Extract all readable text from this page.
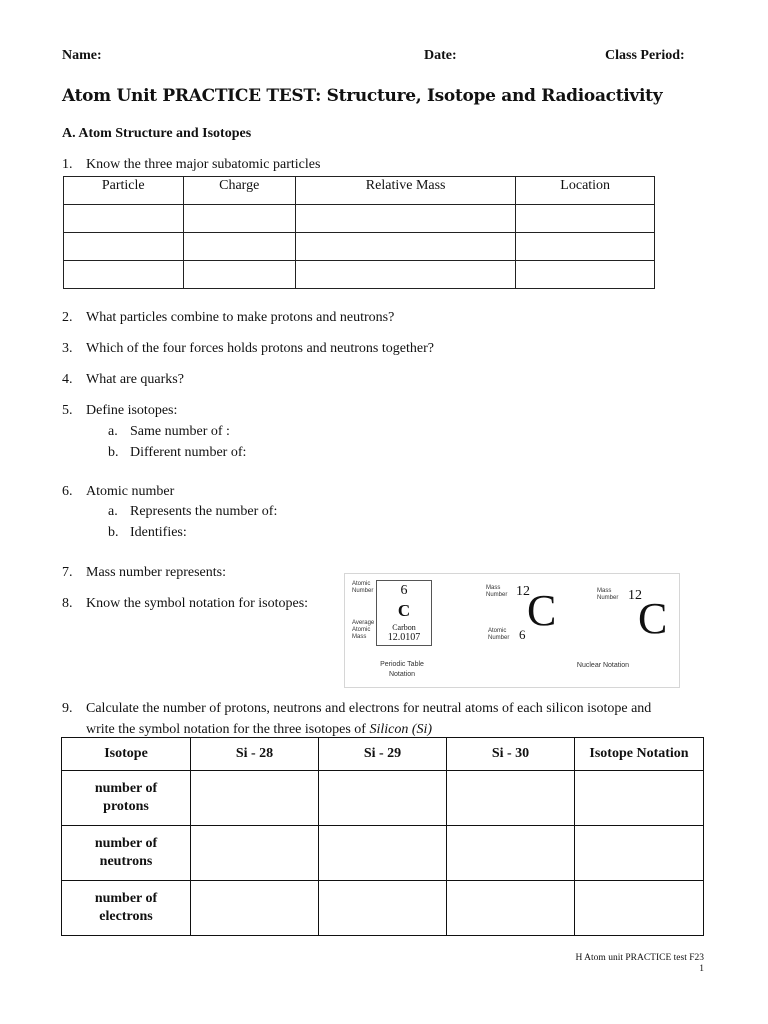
Name:	Date:	Class Period:
Atom Unit PRACTICE TEST: Structure, Isotope and Radioactivity
A. Atom Structure and Isotopes
1. Know the three major subatomic particles
Particle	Charge	Relative Mass	Location

2. What particles combine to make protons and neutrons?
3. Which of the four forces holds protons and neutrons together?
4. What are quarks?
5. Define isotopes:
a. Same number of :
b. Different number of:
6. Atomic number
a. Represents the number of:
b. Identifies:
7. Mass number represents:
8. Know the symbol notation for isotopes:
Atomic Number
Average Atomic Mass
6
C
Carbon
12.0107
Periodic Table Notation
Mass Number
Atomic Number
12
6 C	Mass Number 12
C
Nuclear Notation
9. Calculate the number of protons, neutrons and electrons for neutral atoms of each silicon isotope and
write the symbol notation for the three isotopes of Silicon (Si)
Isotope	Si - 28	Si - 29	Si - 30	Isotope Notation
number of protons				
number of neutrons				
number of electrons				
H Atom unit PRACTICE test F23
1
